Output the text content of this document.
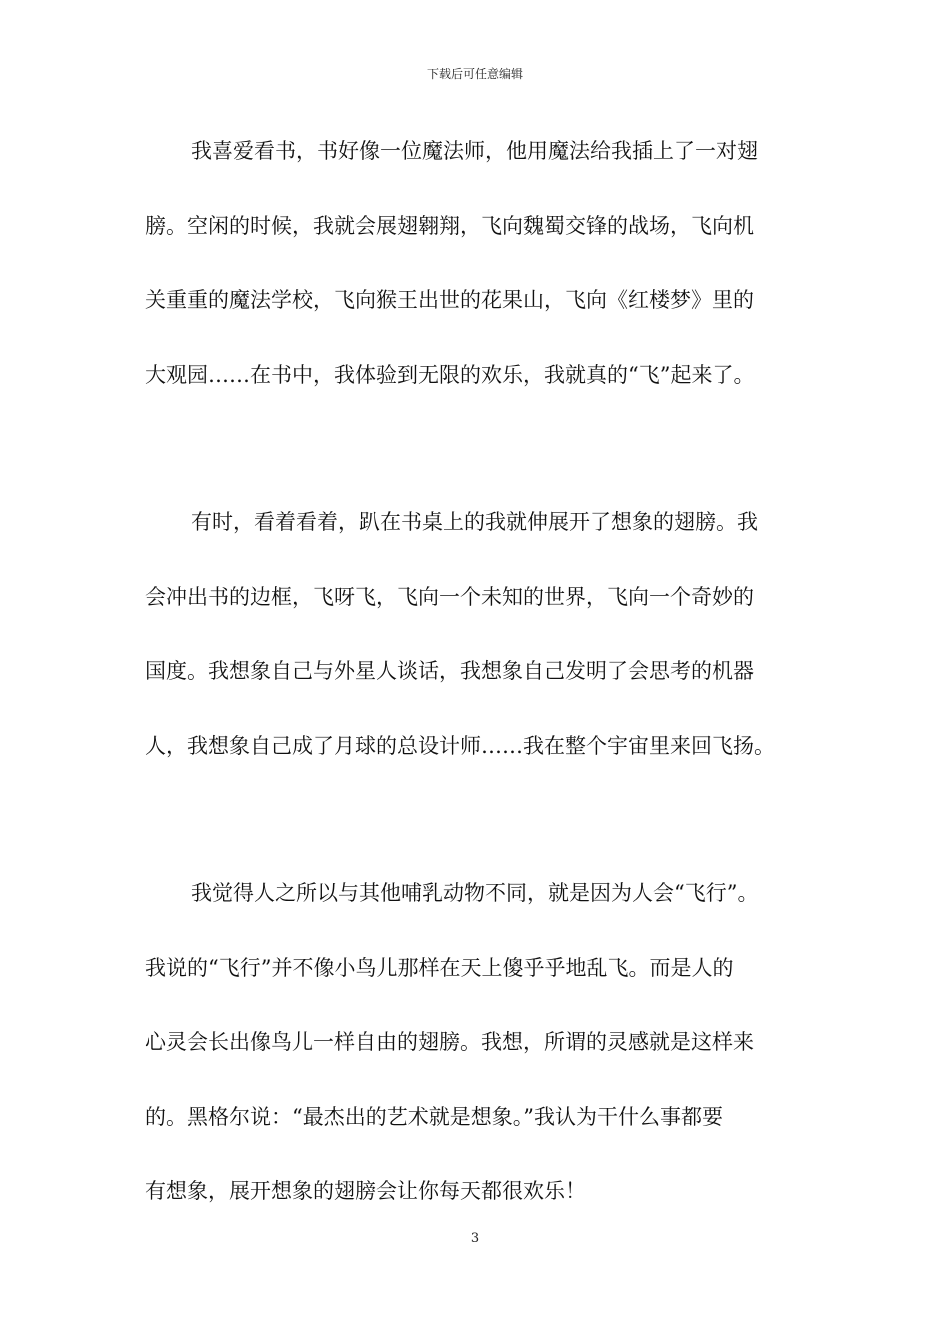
下载后可任意编辑
我喜爱看书，书好像一位魔法师，他用魔法给我插上了一对翅
膀。空闲的时候，我就会展翅翱翔，飞向魏蜀交锋的战场，飞向机
关重重的魔法学校，飞向猴王出世的花果山，飞向《红楼梦》里的
大观园……在书中，我体验到无限的欢乐，我就真的“飞”起来了。
有时，看着看着，趴在书桌上的我就伸展开了想象的翅膀。我
会冲出书的边框，飞呀飞，飞向一个未知的世界，飞向一个奇妙的
国度。我想象自己与外星人谈话，我想象自己发明了会思考的机器
人，我想象自己成了月球的总设计师……我在整个宇宙里来回飞扬。
我觉得人之所以与其他哺乳动物不同，就是因为人会“飞行”。
我说的“飞行”并不像小鸟儿那样在天上傻乎乎地乱飞。而是人的
心灵会长出像鸟儿一样自由的翅膀。我想，所谓的灵感就是这样来
的。黑格尔说：“最杰出的艺术就是想象。”我认为干什么事都要
有想象，展开想象的翅膀会让你每天都很欢乐！
3
